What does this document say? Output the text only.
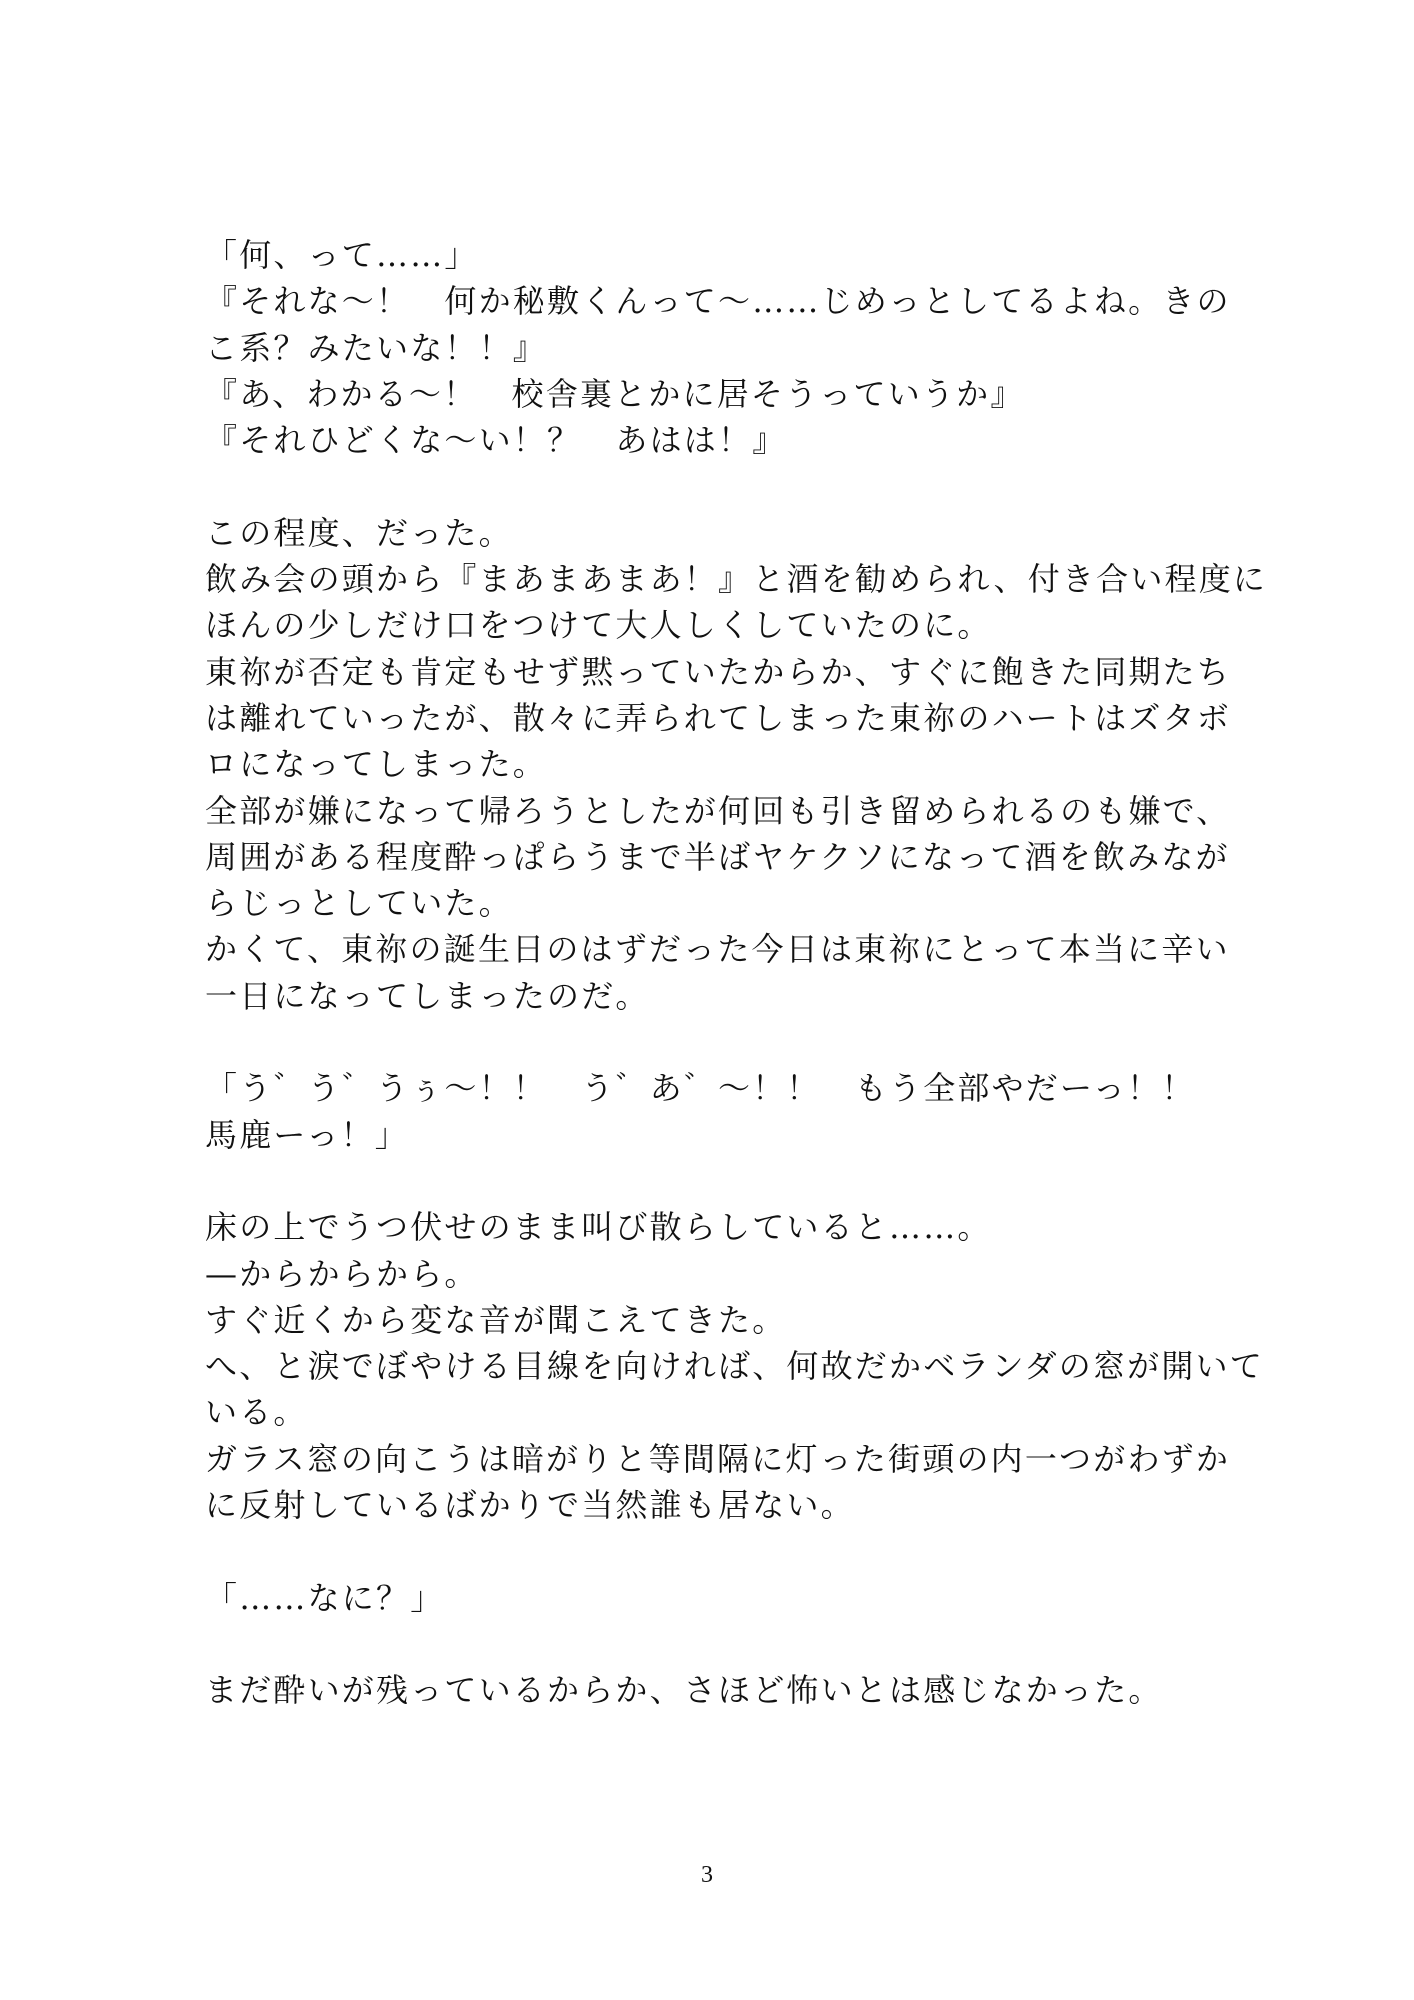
「何、って……」
『それな〜！　何か秘敷くんって〜……じめっとしてるよね。きの
こ系？みたいな！！』
『あ、わかる〜！　校舎裏とかに居そうっていうか』
『それひどくな〜い！？　あはは！』
この程度、だった。
飲み会の頭から『まあまあまあ！』と酒を勧められ、付き合い程度に
ほんの少しだけ口をつけて大人しくしていたのに。
東祢が否定も肯定もせず黙っていたからか、すぐに飽きた同期たち
は離れていったが、散々に弄られてしまった東祢のハートはズタボ
ロになってしまった。
全部が嫌になって帰ろうとしたが何回も引き留められるのも嫌で、
周囲がある程度酔っぱらうまで半ばヤケクソになって酒を飲みなが
らじっとしていた。
かくて、東祢の誕生日のはずだった今日は東祢にとって本当に辛い
一日になってしまったのだ。
「う゛う゛うぅ〜！！　う゛あ゛〜！！　もう全部やだーっ！！
馬鹿ーっ！」
床の上でうつ伏せのまま叫び散らしていると……。
—からからから。
すぐ近くから変な音が聞こえてきた。
へ、と涙でぼやける目線を向ければ、何故だかベランダの窓が開いて
いる。
ガラス窓の向こうは暗がりと等間隔に灯った街頭の内一つがわずか
に反射しているばかりで当然誰も居ない。
「……なに？」
まだ酔いが残っているからか、さほど怖いとは感じなかった。
3
